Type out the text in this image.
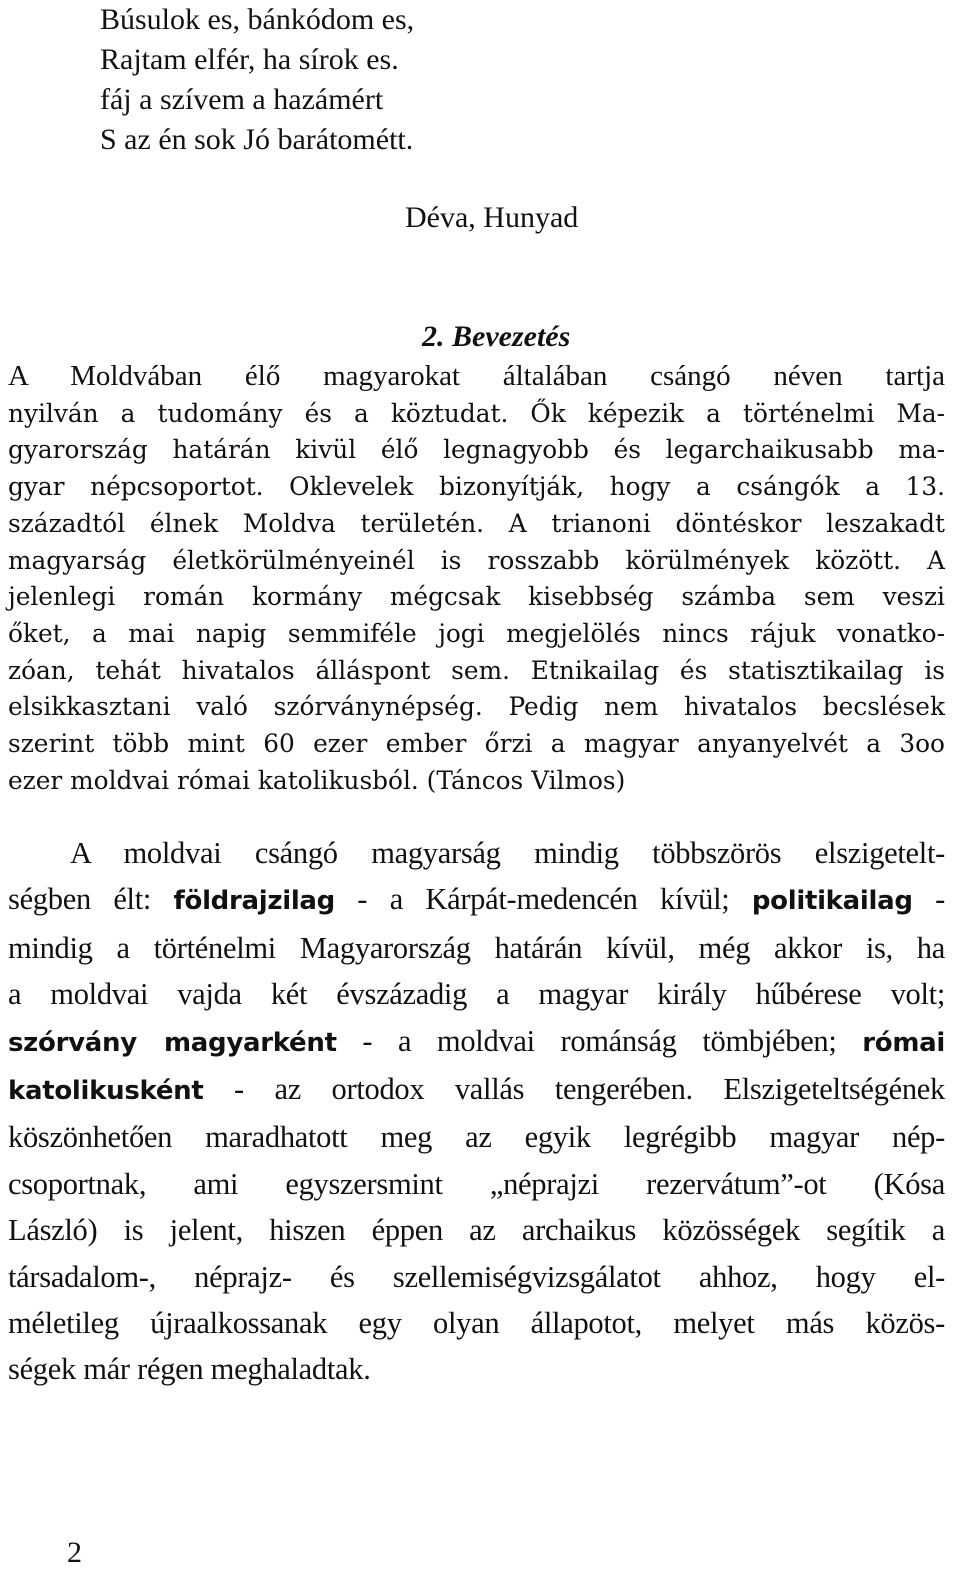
Búsulok es, bánkódom es,
Rajtam elfér, ha sírok es.
fáj a szívem a hazámért
S az én sok Jó barátométt.
Déva, Hunyad
2. Bevezetés
A Moldvában élő magyarokat általában csángó néven tartja
nyilván a tudomány és a köztudat. Ők képezik a történelmi Ma-
gyarország határán kivül élő legnagyobb és legarchaikusabb ma-
gyar népcsoportot. Oklevelek bizonyítják, hogy a csángók a 13.
századtól élnek Moldva területén. A trianoni döntéskor leszakadt
magyarság életkörülményeinél is rosszabb körülmények között. A
jelenlegi román kormány mégcsak kisebbség számba sem veszi
őket, a mai napig semmiféle jogi megjelölés nincs rájuk vonatko-
zóan, tehát hivatalos álláspont sem. Etnikailag és statisztikailag is
elsikkasztani való szórványnépség. Pedig nem hivatalos becslések
szerint több mint 60 ezer ember őrzi a magyar anyanyelvét a 3oo
ezer moldvai római katolikusból. (Táncos Vilmos)
A moldvai csángó magyarság mindig többszörös elszigetelt-
ségben élt: földrajzilag - a Kárpát-medencén kívül; politikailag -
mindig a történelmi Magyarország határán kívül, még akkor is, ha
a moldvai vajda két évszázadig a magyar király hűbérese volt;
szórvány magyarként - a moldvai románság tömbjében; római
katolikusként - az ortodox vallás tengerében. Elszigeteltségének
köszönhetően maradhatott meg az egyik legrégibb magyar nép-
csoportnak, ami egyszersmint „néprajzi rezervátum”-ot (Kósa
László) is jelent, hiszen éppen az archaikus közösségek segítik a
társadalom-, néprajz- és szellemiségvizsgálatot ahhoz, hogy el-
méletileg újraalkossanak egy olyan állapotot, melyet más közös-
ségek már régen meghaladtak.
2
